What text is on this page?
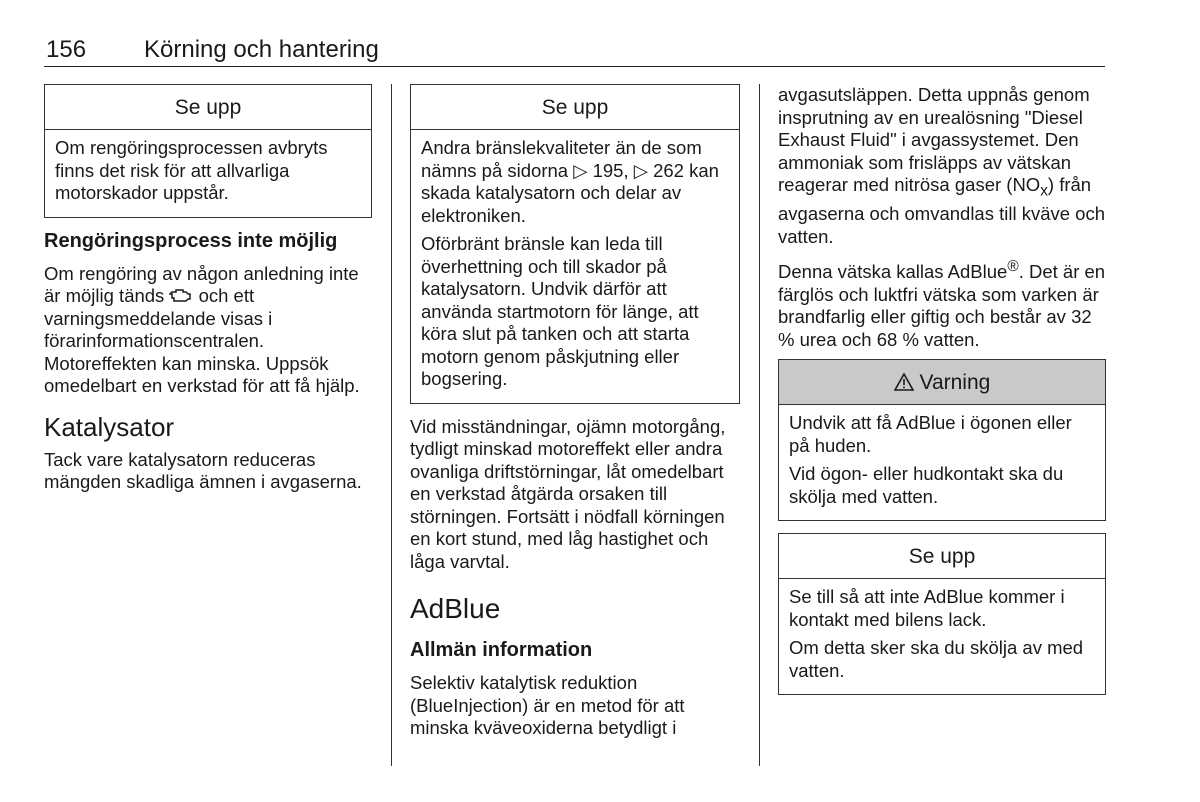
156 Körning och hantering
Se upp

Om rengöringsprocessen avbryts finns det risk för att allvarliga motorskador uppstår.

Rengöringsprocess inte möjlig

Om rengöring av någon anledning inte är möjlig tänds och ett varningsmeddelande visas i förarinformationscentralen. Motoreffekten kan minska. Uppsök omedelbart en verkstad för att få hjälp.

Katalysator

Tack vare katalysatorn reduceras mängden skadliga ämnen i avgaserna.

Se upp

Andra bränslekvaliteter än de som nämns på sidorna ▷ 195, ▷ 262 kan skada katalysatorn och delar av elektroniken.

Oförbränt bränsle kan leda till överhettning och till skador på katalysatorn. Undvik därför att använda startmotorn för länge, att köra slut på tanken och att starta motorn genom påskjutning eller bogsering.

Vid misständningar, ojämn motorgång, tydligt minskad motoreffekt eller andra ovanliga driftstörningar, låt omedelbart en verkstad åtgärda orsaken till störningen. Fortsätt i nödfall körningen en kort stund, med låg hastighet och låga varvtal.

AdBlue
Allmän information

Selektiv katalytisk reduktion (BlueInjection) är en metod för att minska kväveoxiderna betydligt i

avgasutsläppen. Detta uppnås genom insprutning av en ureal​ösning "Diesel Exhaust Fluid" i avgassystemet. Den ammoniak som frisläpps av vätskan reagerar med nitrösa gaser $(NO_x)$ från avgaserna och omvandlas till kväve och vatten.

Denna vätska kallas AdBlue®. Det är en färglös och luktfri vätska som varken är brandfarlig eller giftig och består av 32 % urea och 68 % vatten.

Varning

Undvik att få AdBlue i ögonen eller på huden.

Vid ögon- eller hudkontakt ska du skölja med vatten.

Se upp

Se till så att inte AdBlue kommer i kontakt med bilens lack.

Om detta sker ska du skölja av med vatten.
